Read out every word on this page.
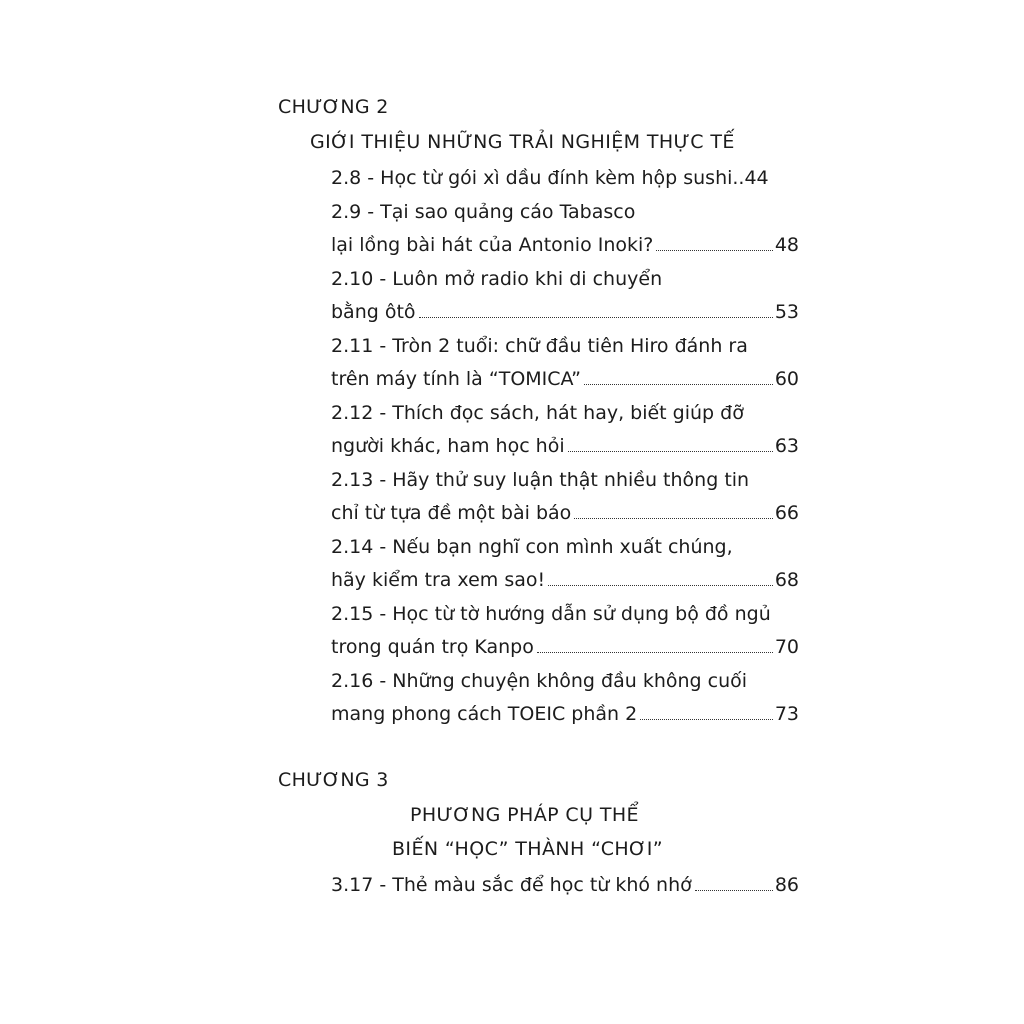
CHƯƠNG 2
GIỚI THIỆU NHỮNG TRẢI NGHIỆM THỰC TẾ
2.8 - Học từ gói xì dầu đính kèm hộp sushi.. 44
2.9 - Tại sao quảng cáo Tabasco
lại lồng bài hát của Antonio Inoki?	48
2.10 - Luôn mở radio khi di chuyển
bằng ôtô	53
2.11 - Tròn 2 tuổi: chữ đầu tiên Hiro đánh ra
trên máy tính là “TOMICA”	60
2.12 - Thích đọc sách, hát hay, biết giúp đỡ
người khác, ham học hỏi	63
2.13 - Hãy thử suy luận thật nhiều thông tin
chỉ từ tựa đề một bài báo	66
2.14 - Nếu bạn nghĩ con mình xuất chúng,
hãy kiểm tra xem sao!	68
2.15 - Học từ tờ hướng dẫn sử dụng bộ đồ ngủ
trong quán trọ Kanpo	70
2.16 - Những chuyện không đầu không cuối
mang phong cách TOEIC phần 2	73
CHƯƠNG 3
PHƯƠNG PHÁP CỤ THỂ
BIẾN “HỌC” THÀNH “CHƠI”
3.17 - Thẻ màu sắc để học từ khó nhớ	86
